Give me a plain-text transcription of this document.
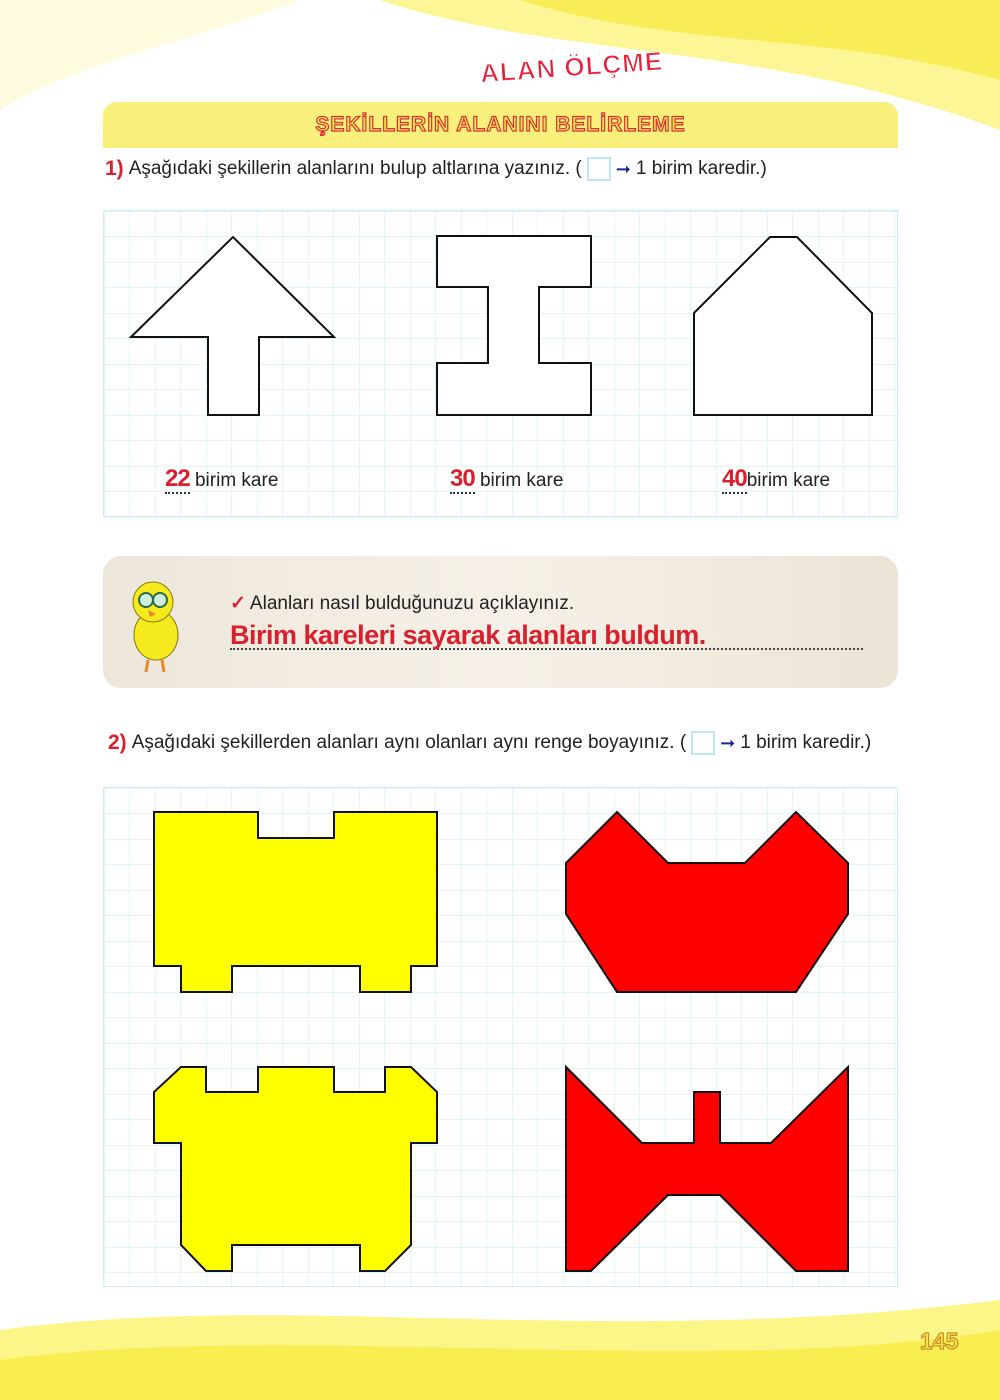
ALAN ÖLÇME
ŞEKİLLERİN ALANINI BELİRLEME
1) Aşağıdaki şekillerin alanlarını bulup altlarına yazınız. ( ➞ 1 birim karedir.)
22 birim kare	30 birim kare	40birim kare
✓ Alanları nasıl bulduğunuzu açıklayınız.
Birim kareleri sayarak alanları buldum.
2) Aşağıdaki şekillerden alanları aynı olanları aynı renge boyayınız. ( ➞ 1 birim karedir.)
145
